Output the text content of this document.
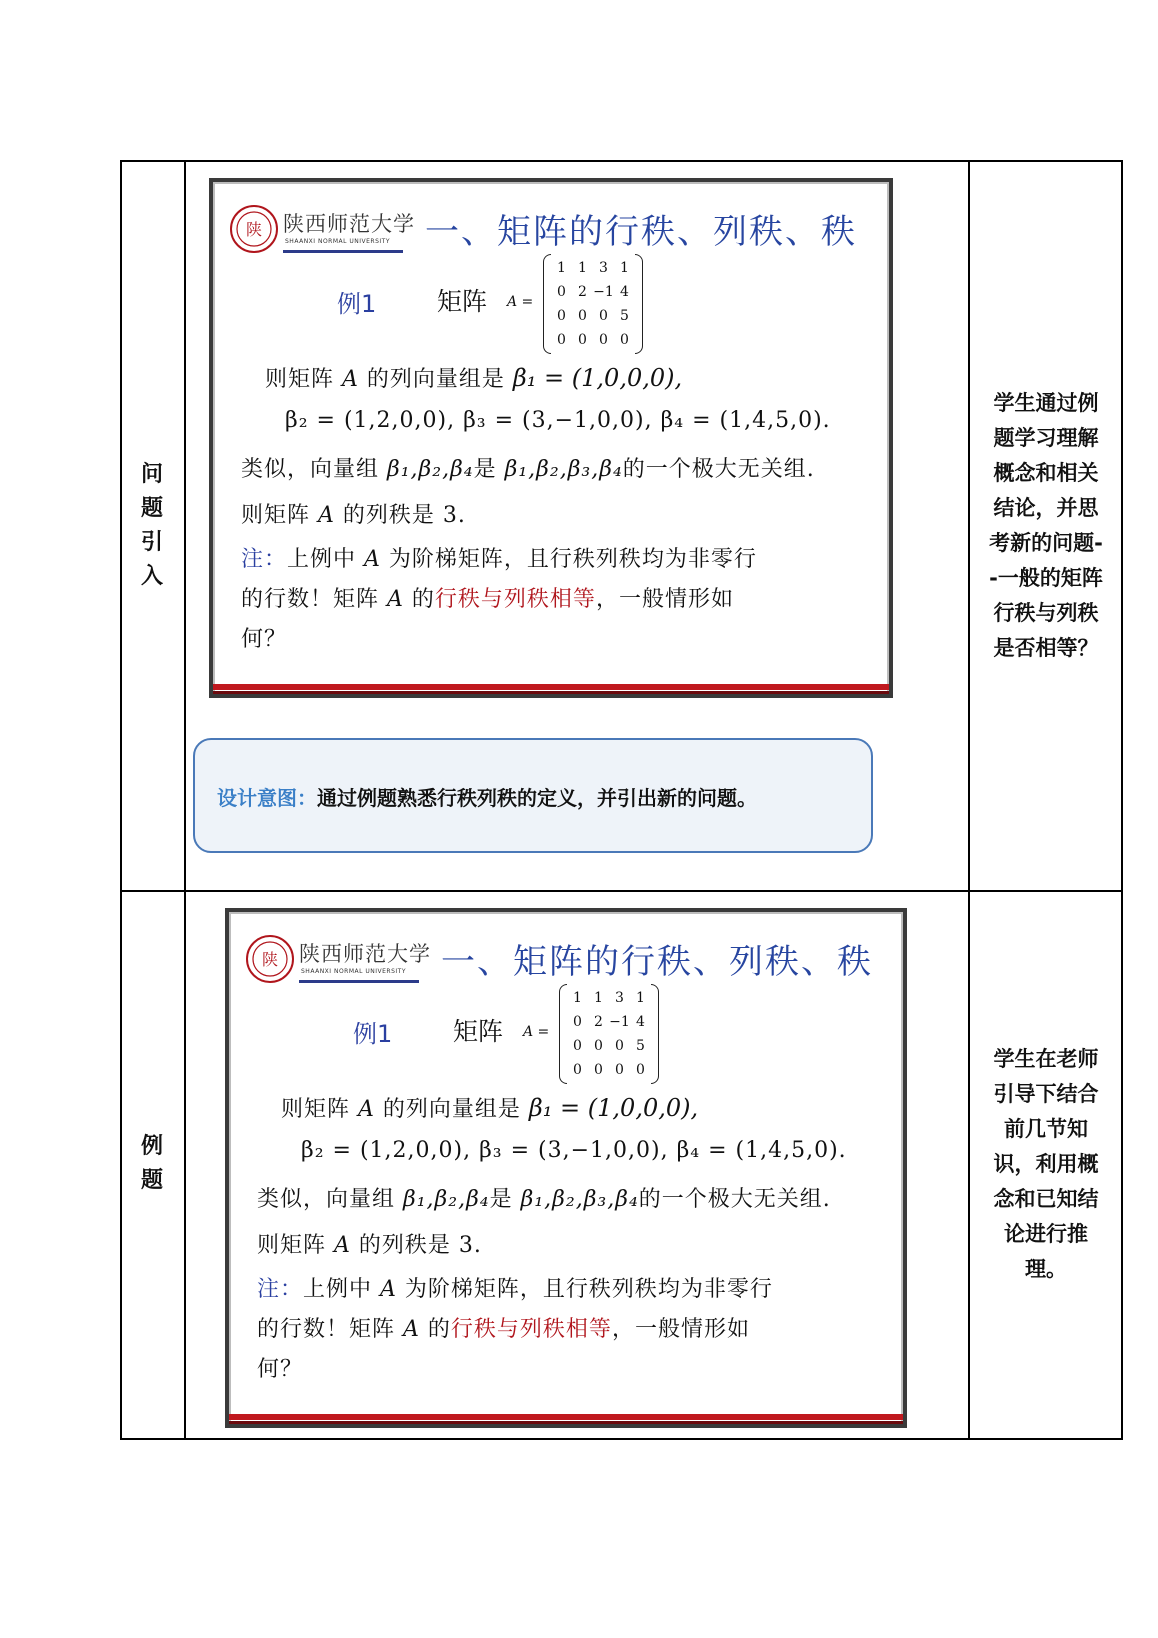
问
题
引
入
学生通过例
题学习理解
概念和相关
结论，并思
考新的问题-
-一般的矩阵
行秩与列秩
是否相等？
例
题
学生在老师
引导下结合
前几节知
识，利用概
念和已知结
论进行推
理。
陕 陕西师范大学
SHAANXI NORMAL UNIVERSITY 一、矩阵的行秩、列秩、秩
例1 矩阵 A =
1 1 3 1
0 2 −1 4
0 0 0 5
0 0 0 0
则矩阵 A 的列向量组是 β₁ = (1,0,0,0),
β₂ = (1,2,0,0), β₃ = (3,−1,0,0), β₄ = (1,4,5,0).
类似，向量组 β₁,β₂,β₄是 β₁,β₂,β₃,β₄的一个极大无关组.
则矩阵 A 的列秩是 3.
注：上例中 A 为阶梯矩阵，且行秩列秩均为非零行
的行数！矩阵 A 的行秩与列秩相等，一般情形如
何？
设计意图：通过例题熟悉行秩列秩的定义，并引出新的问题。
陕 陕西师范大学
SHAANXI NORMAL UNIVERSITY 一、矩阵的行秩、列秩、秩
例1 矩阵 A =
1 1 3 1
0 2 −1 4
0 0 0 5
0 0 0 0
则矩阵 A 的列向量组是 β₁ = (1,0,0,0),
β₂ = (1,2,0,0), β₃ = (3,−1,0,0), β₄ = (1,4,5,0).
类似，向量组 β₁,β₂,β₄是 β₁,β₂,β₃,β₄的一个极大无关组.
则矩阵 A 的列秩是 3.
注：上例中 A 为阶梯矩阵，且行秩列秩均为非零行
的行数！矩阵 A 的行秩与列秩相等，一般情形如
何？
